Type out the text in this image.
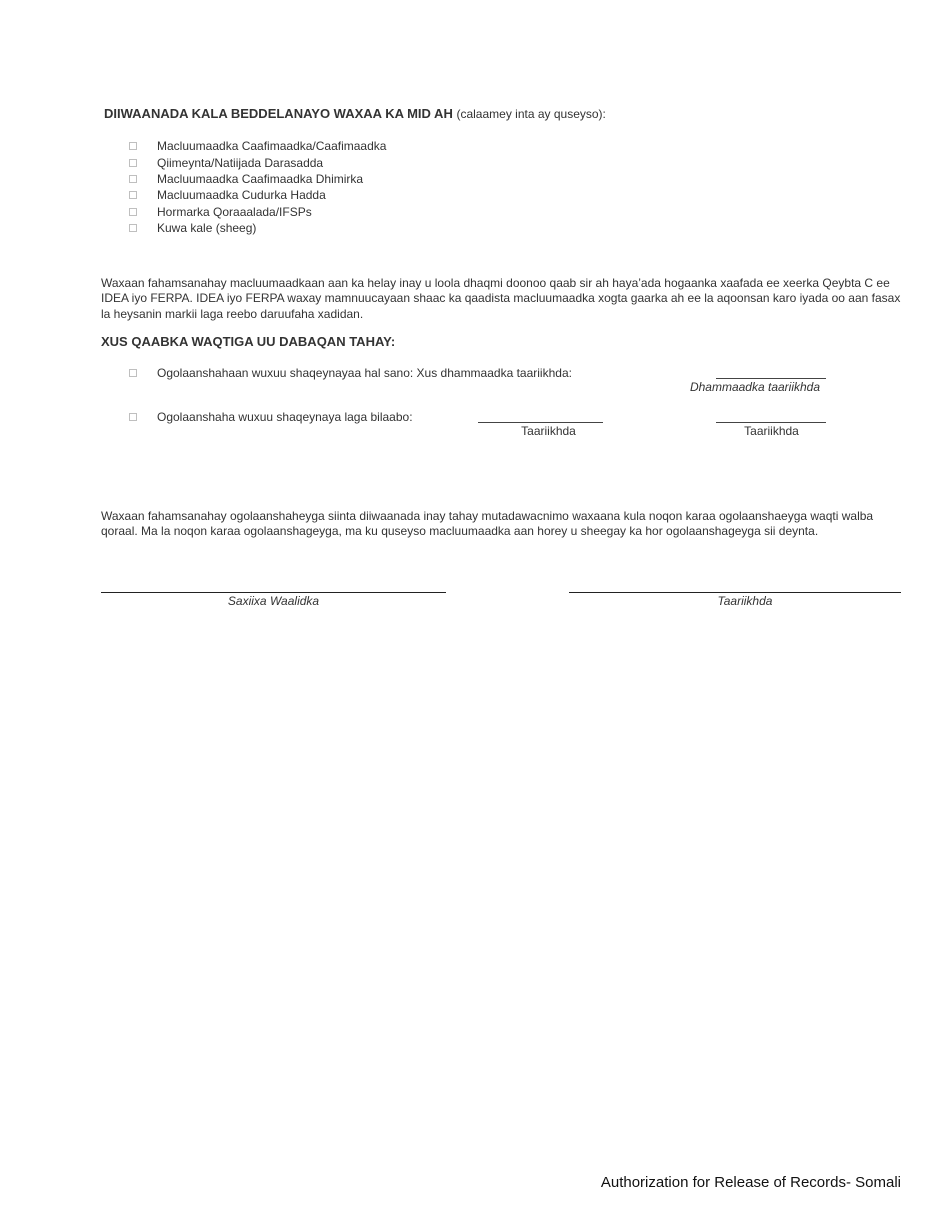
DIIWAANADA KALA BEDDELANAYO WAXAA KA MID AH (calaamey inta ay quseyso):
Macluumaadka Caafimaadka/Caafimaadka
Qiimeynta/Natiijada Darasadda
Macluumaadka Caafimaadka Dhimirka
Macluumaadka Cudurka Hadda
Hormarka Qoraaalada/IFSPs
Kuwa kale (sheeg)

Waxaan fahamsanahay macluumaadkaan aan ka helay inay u loola dhaqmi doonoo qaab sir ah haya’ada hogaanka xaafada ee xeerka Qeybta C ee IDEA iyo FERPA. IDEA iyo FERPA waxay mamnuucayaan shaac ka qaadista macluumaadka xogta gaarka ah ee la aqoonsan karo iyada oo aan fasax la heysanin markii laga reebo daruufaha xadidan.

XUS QAABKA WAQTIGA UU DABAQAN TAHAY:
Ogolaanshahaan wuxuu shaqeynayaa hal sano: Xus dhammaadka taariikhda:
Dhammaadka taariikhda
Ogolaanshaha wuxuu shaqeynaya laga bilaabo:
Taariikhda	Taariikhda

Waxaan fahamsanahay ogolaanshaheyga siinta diiwaanada inay tahay mutadawacnimo waxaana kula noqon karaa ogolaanshaeyga waqti walba qoraal. Ma la noqon karaa ogolaanshageyga, ma ku quseyso macluumaadka aan horey u sheegay ka hor ogolaanshageyga sii deynta.

Saxiixa Waalidka	Taariikhda
Authorization for Release of Records- Somali
